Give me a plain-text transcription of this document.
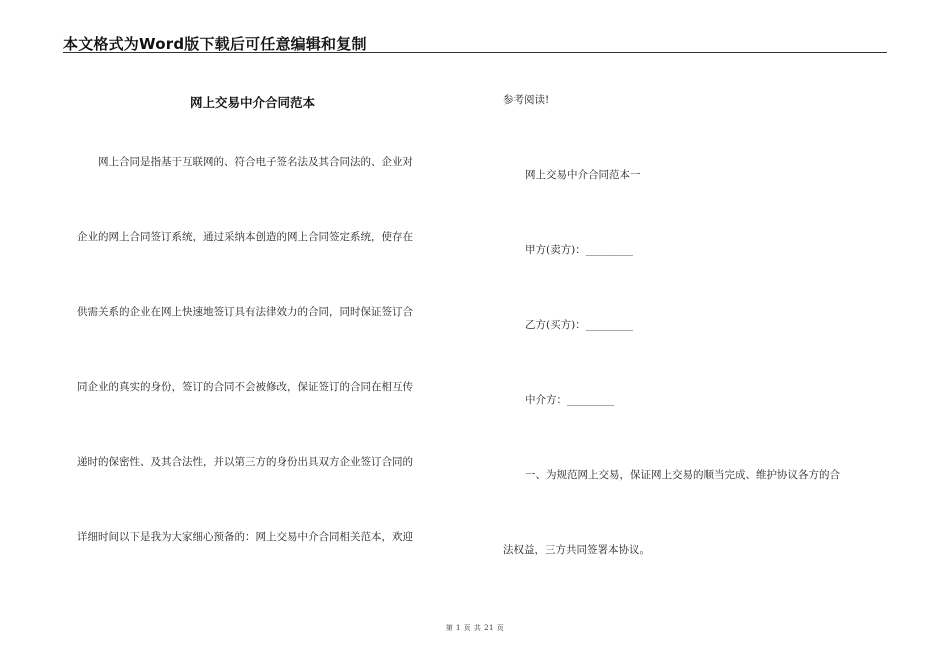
本文格式为Word版下载后可任意编辑和复制
网上交易中介合同范本
网上合同是指基于互联网的、符合电子签名法及其合同法的、企业对
企业的网上合同签订系统，通过采纳本创造的网上合同签定系统，使存在
供需关系的企业在网上快速地签订具有法律效力的合同，同时保证签订合
同企业的真实的身份，签订的合同不会被修改，保证签订的合同在相互传
递时的保密性、及其合法性，并以第三方的身份出具双方企业签订合同的
详细时间以下是我为大家细心预备的：网上交易中介合同相关范本，欢迎
参考阅读!
网上交易中介合同范本一
甲方(卖方)：_________
乙方(买方)：_________
中介方：_________
一、为规范网上交易，保证网上交易的顺当完成、维护协议各方的合
法权益，三方共同签署本协议。
第 1 页 共 21 页
